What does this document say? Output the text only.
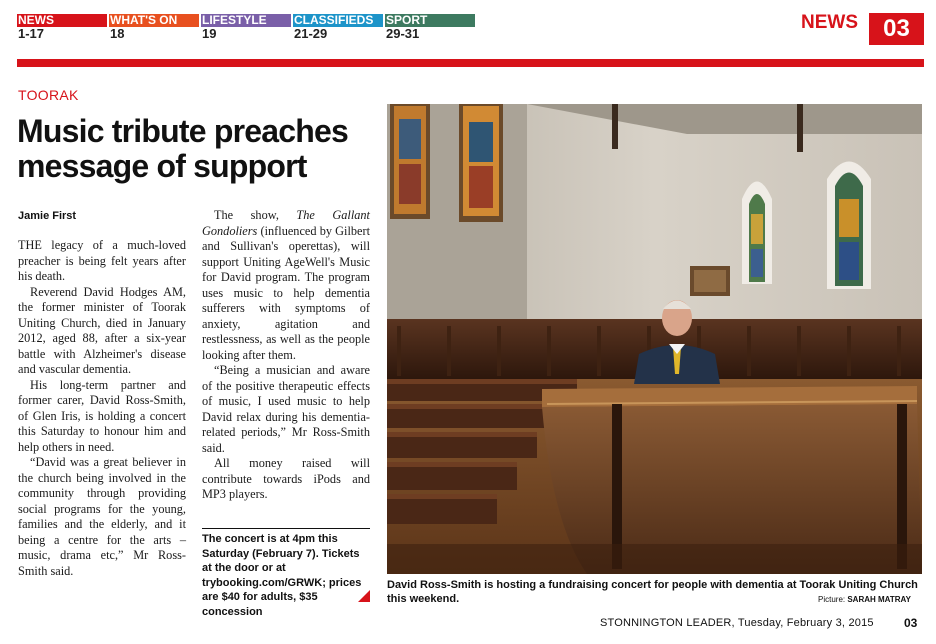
NEWS
1-17
WHAT'S ON
18
LIFESTYLE
19
CLASSIFIEDS
21-29
SPORT
29-31
NEWS	03
TOORAK
Music tribute preaches message of support
Jamie First

THE legacy of a much-loved preacher is being felt years after his death.

Reverend David Hodges AM, the former minister of Toorak Uniting Church, died in January 2012, aged 88, after a six-year battle with Alzheimer's disease and vascular dementia.

His long-term partner and former carer, David Ross-Smith, of Glen Iris, is holding a concert this Saturday to honour him and help others in need.

“David was a great believer in the church being involved in the community through providing social programs for the young, families and the elderly, and it being a centre for the arts – music, drama etc,” Mr Ross-Smith said.

The show, The Gallant Gondoliers (influenced by Gilbert and Sullivan's operettas), will support Uniting AgeWell's Music for David program. The program uses music to help dementia sufferers with symptoms of anxiety, agitation and restlessness, as well as the people looking after them.

“Being a musician and aware of the positive therapeutic effects of music, I used music to help David relax during his dementia-related periods,” Mr Ross-Smith said.

All money raised will contribute towards iPods and MP3 players.

The concert is at 4pm this Saturday (February 7). Tickets at the door or at trybooking.com/GRWK; prices are $40 for adults, $35 concession
David Ross-Smith is hosting a fundraising concert for people with dementia at Toorak Uniting Church this weekend.	Picture: SARAH MATRAY
STONNINGTON LEADER, Tuesday, February 3, 2015	03
